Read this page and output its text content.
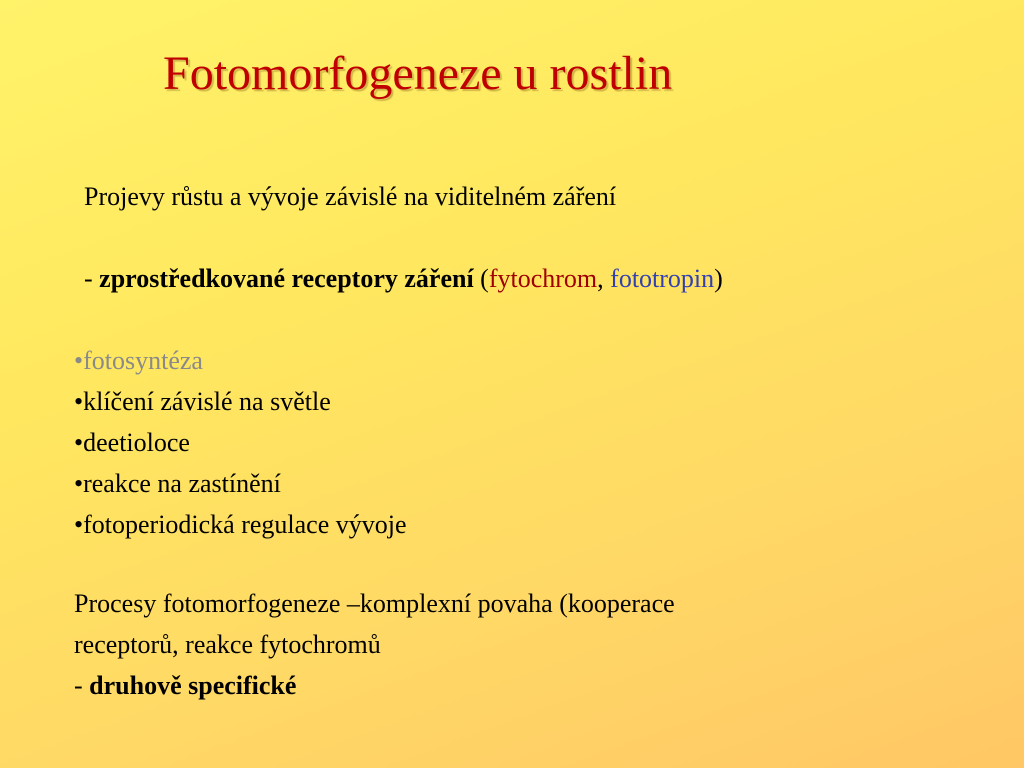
Fotomorfogeneze u rostlin
Projevy růstu a vývoje závislé na viditelném záření
- zprostředkované receptory záření (fytochrom, fototropin)
•fotosyntéza
•klíčení závislé na světle
•deetioloce
•reakce na zastínění
•fotoperiodická regulace vývoje
Procesy fotomorfogeneze –komplexní povaha (kooperace
receptorů, reakce fytochromů
- druhově specifické
